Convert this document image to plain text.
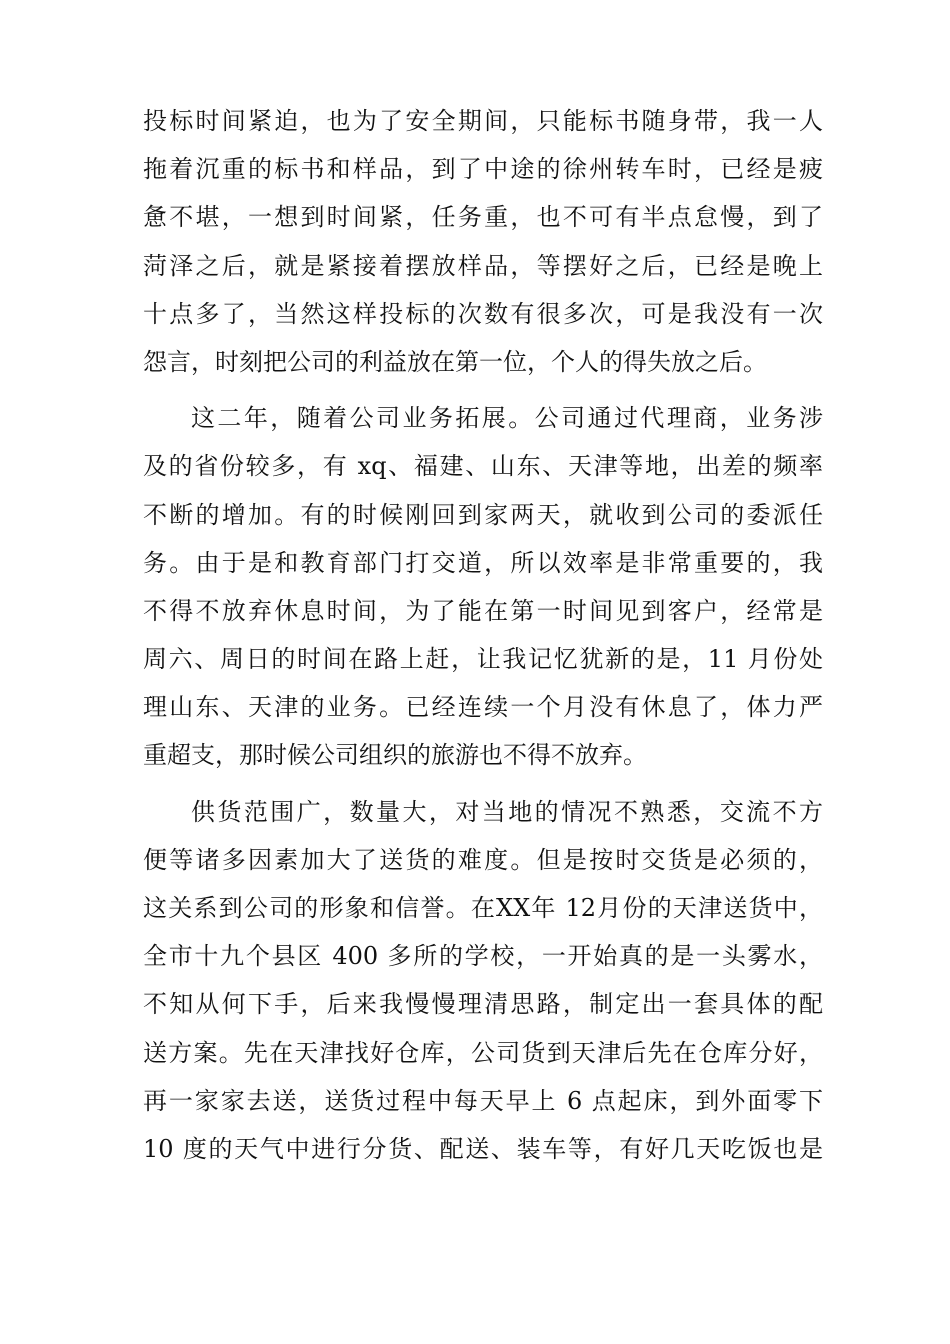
投标时间紧迫，也为了安全期间，只能标书随身带，我一人
拖着沉重的标书和样品，到了中途的徐州转车时，已经是疲
惫不堪，一想到时间紧，任务重，也不可有半点怠慢，到了
菏泽之后，就是紧接着摆放样品，等摆好之后，已经是晚上
十点多了，当然这样投标的次数有很多次，可是我没有一次
怨言，时刻把公司的利益放在第一位，个人的得失放之后。
这二年，随着公司业务拓展。公司通过代理商，业务涉
及的省份较多，有 xq、福建、山东、天津等地，出差的频率
不断的增加。有的时候刚回到家两天，就收到公司的委派任
务。由于是和教育部门打交道，所以效率是非常重要的，我
不得不放弃休息时间，为了能在第一时间见到客户，经常是
周六、周日的时间在路上赶，让我记忆犹新的是，11 月份处
理山东、天津的业务。已经连续一个月没有休息了，体力严
重超支，那时候公司组织的旅游也不得不放弃。
供货范围广，数量大，对当地的情况不熟悉，交流不方
便等诸多因素加大了送货的难度。但是按时交货是必须的，
这关系到公司的形象和信誉。在XX年 12月份的天津送货中，
全市十九个县区 400 多所的学校，一开始真的是一头雾水，
不知从何下手，后来我慢慢理清思路，制定出一套具体的配
送方案。先在天津找好仓库，公司货到天津后先在仓库分好，
再一家家去送，送货过程中每天早上 6 点起床，到外面零下
10 度的天气中进行分货、配送、装车等，有好几天吃饭也是
